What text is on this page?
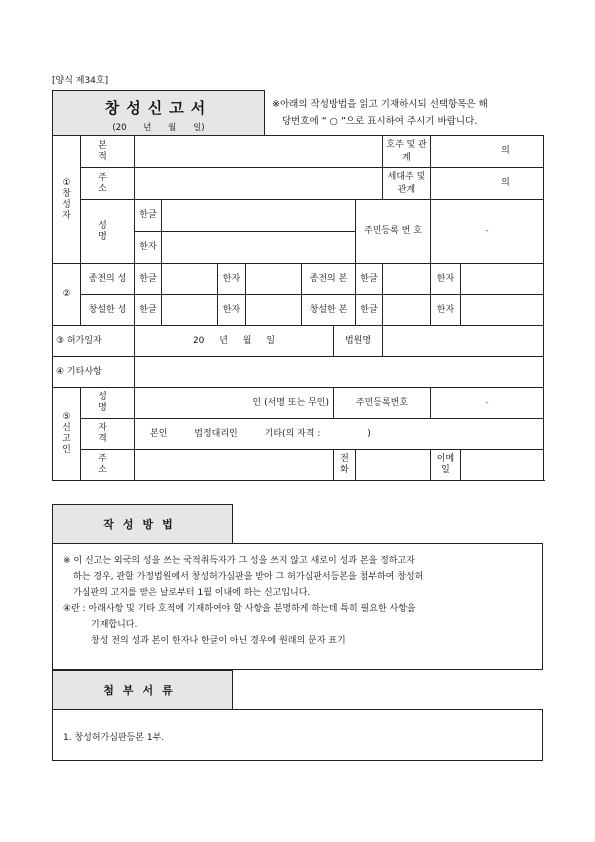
[양식 제34호]
창성신고서
(20 년 월 일)
※아래의 작성방법을 읽고 기재하시되 선택항목은 해
당번호에 “ ○ ”으로 표시하여 주시기 바랍니다.
①
창
성
자	본 적								호주 및 관 계	의	
	주 소								세대주 및 관계	의	
	성 명	한글						주민등록 번 호		-	
		한자									
②	종전의 성	한글		한자		종전의 본		한글		한자	
	창설한 성	한글		한자		창설한 본		한글		한자	
③ 허가일자		20 년 월 일					법원명				
④ 기타사항											
⑤
신
고
인	성 명	인 (서명 또는 무인)					주민등록번호			-	
	자 격	본인 법정대리인 기타(의 자격 : )									
	주 소						전화			이메일	
작성방법

※ 이 신고는 외국의 성을 쓰는 국적취득자가 그 성을 쓰지 않고 새로이 성과 본을 정하고자

하는 경우, 관할 가정법원에서 창성허가심판을 받아 그 허가심판서등본을 첨부하여 창성허

가심판의 고지를 받은 날로부터 1월 이내에 하는 신고입니다.

④란 : 아래사항 및 기타 호적에 기재하여야 할 사항을 분명하게 하는데 특히 필요한 사항을

기재합니다.

창성 전의 성과 본이 한자나 한글이 아닌 경우에 원래의 문자 표기

첨부서류
1. 창성허가심판등본 1부.
